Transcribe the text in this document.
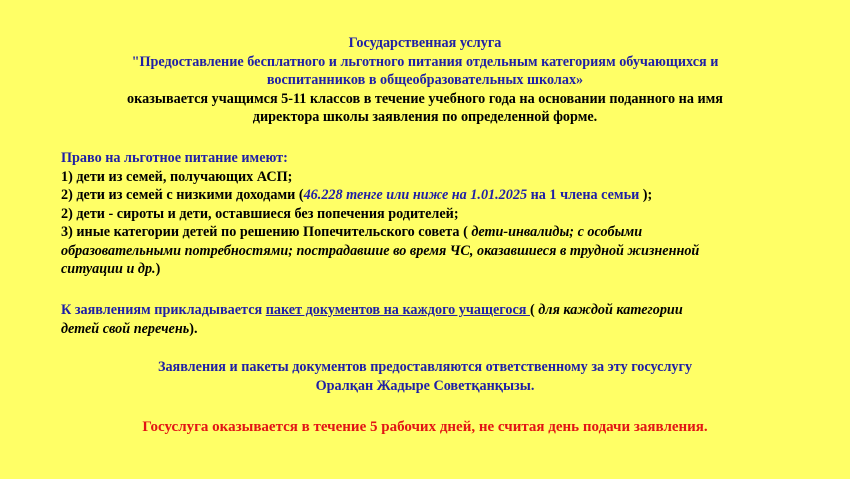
Государственная услуга
"Предоставление бесплатного и льготного питания отдельным категориям обучающихся и
воспитанников в общеобразовательных школах»
оказывается учащимся 5-11 классов в течение учебного года на основании поданного на имя
директора школы заявления по определенной форме.
Право на льготное питание имеют:
1) дети из семей, получающих АСП;
2) дети из семей с низкими доходами (46.228 тенге или ниже на 1.01.2025 на 1 члена семьи );
2) дети - сироты и дети, оставшиеся без попечения родителей;
3) иные категории детей по решению Попечительского совета ( дети-инвалиды; с особыми
образовательными потребностями; пострадавшие во время ЧС, оказавшиеся в трудной жизненной
ситуации и др.)
К заявлениям прикладывается пакет документов на каждого учащегося ( для каждой категории
детей свой перечень).
Заявления и пакеты документов предоставляются ответственному за эту госуслугу
Оралқан Жадыре Советқанқызы.
Госуслуга оказывается в течение 5 рабочих дней, не считая день подачи заявления.
